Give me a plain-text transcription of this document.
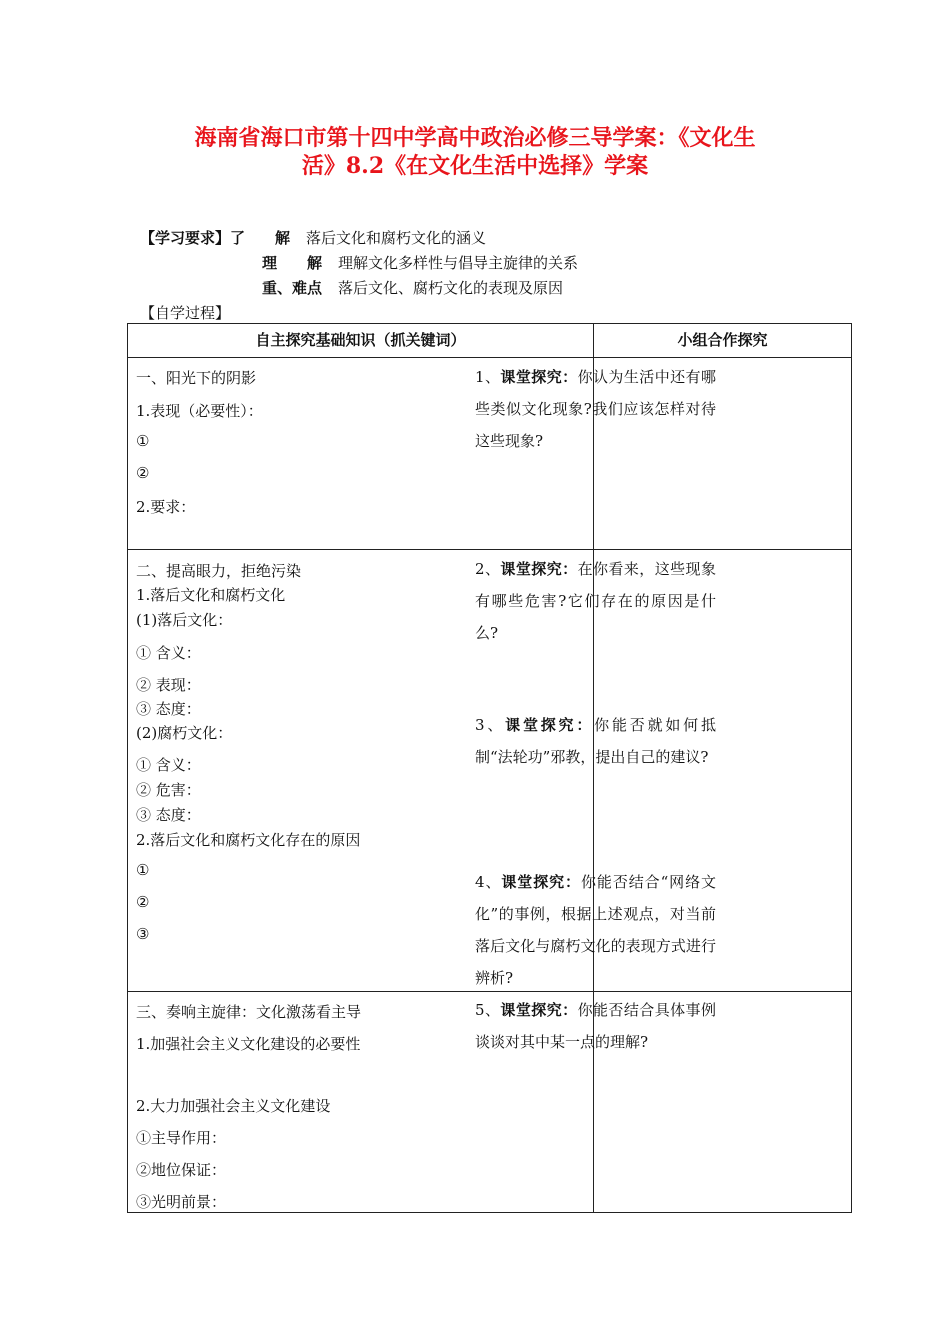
海南省海口市第十四中学高中政治必修三导学案：《文化生
活》8.2《在文化生活中选择》学案
【学习要求】了　　解 落后文化和腐朽文化的涵义
理　　解 理解文化多样性与倡导主旋律的关系
重、难点 落后文化、腐朽文化的表现及原因
【自学过程】
自主探究基础知识（抓关键词）	小组合作探究
一、阳光下的阴影
1.表现（必要性）：
①
②
2.要求：
二、提高眼力，拒绝污染
1.落后文化和腐朽文化
(1)落后文化：
① 含义：
② 表现：
③ 态度：
(2)腐朽文化：
① 含义：
② 危害：
③ 态度：
2.落后文化和腐朽文化存在的原因
①
②
③
三、奏响主旋律：文化激荡看主导
1.加强社会主义文化建设的必要性
2.大力加强社会主义文化建设
①主导作用：
②地位保证：
③光明前景：
1、课堂探究：你认为生活中还有哪些类似文化现象?我们应该怎样对待这些现象?
2、课堂探究：在你看来，这些现象有哪些危害?它们存在的原因是什么?
3、课堂探究：你能否就如何抵制“法轮功”邪教，提出自己的建议?
4、课堂探究：你能否结合“网络文化”的事例，根据上述观点，对当前落后文化与腐朽文化的表现方式进行辨析?
5、课堂探究：你能否结合具体事例谈谈对其中某一点的理解?
